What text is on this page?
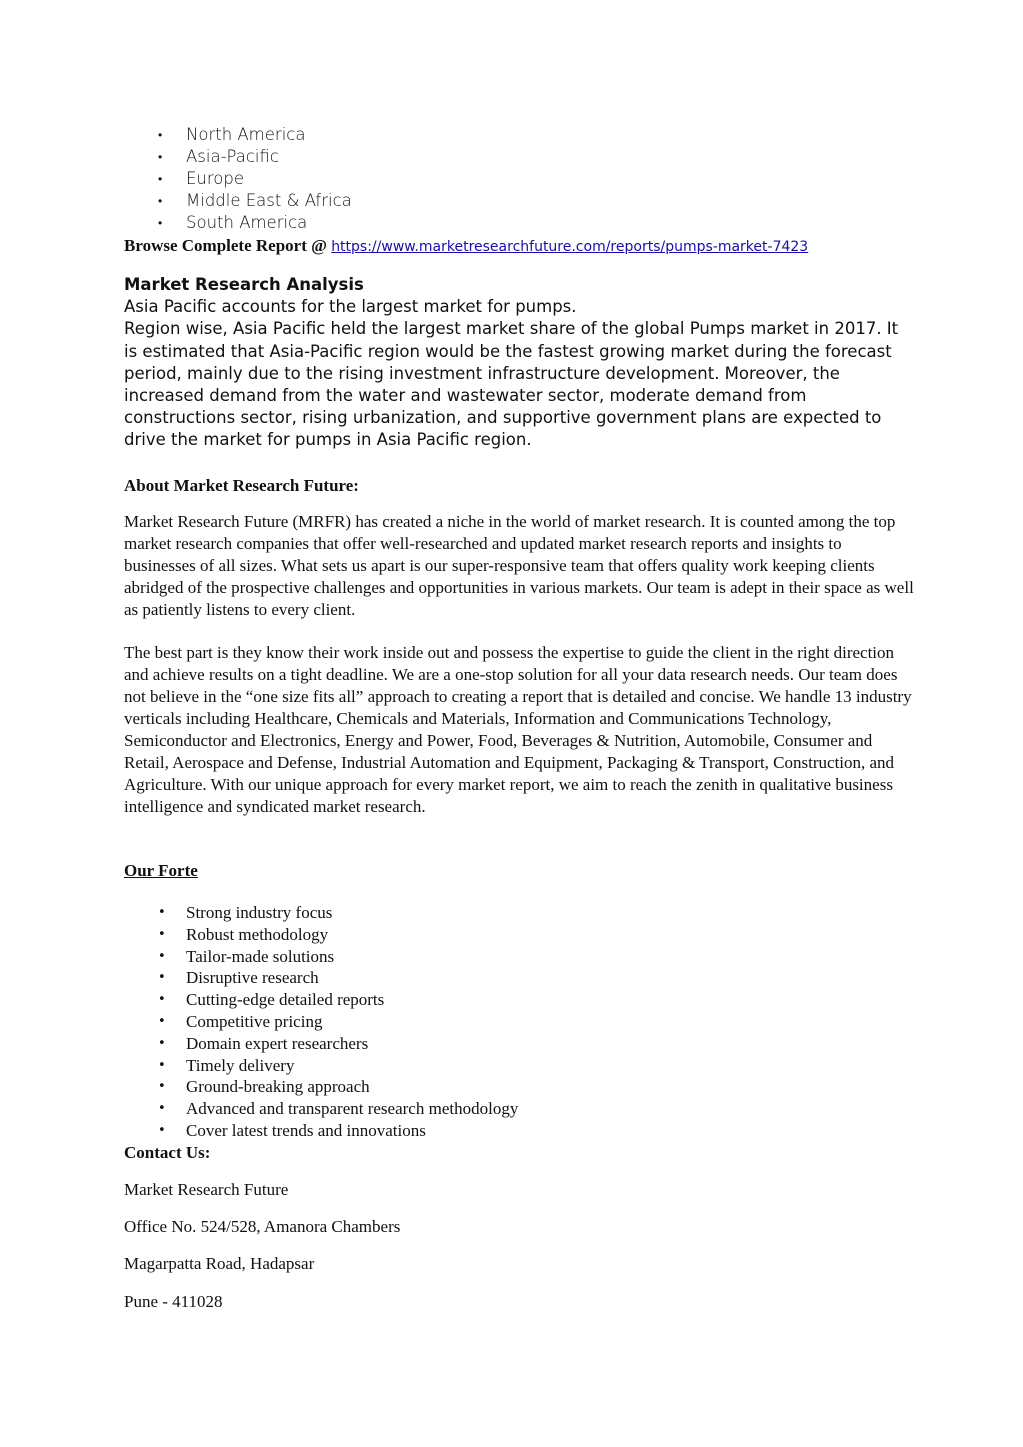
• North America
• Asia-Pacific
• Europe
• Middle East & Africa
• South America
Browse Complete Report @ https://www.marketresearchfuture.com/reports/pumps-market-7423
Market Research Analysis

Asia Pacific accounts for the largest market for pumps.

Region wise, Asia Pacific held the largest market share of the global Pumps market in 2017. It is estimated that Asia-Pacific region would be the fastest growing market during the forecast period, mainly due to the rising investment infrastructure development. Moreover, the increased demand from the water and wastewater sector, moderate demand from constructions sector, rising urbanization, and supportive government plans are expected to drive the market for pumps in Asia Pacific region.

About Market Research Future:

Market Research Future (MRFR) has created a niche in the world of market research. It is counted among the top market research companies that offer well-researched and updated market research reports and insights to businesses of all sizes. What sets us apart is our super-responsive team that offers quality work keeping clients abridged of the prospective challenges and opportunities in various markets. Our team is adept in their space as well as patiently listens to every client.

The best part is they know their work inside out and possess the expertise to guide the client in the right direction and achieve results on a tight deadline. We are a one-stop solution for all your data research needs. Our team does not believe in the “one size fits all” approach to creating a report that is detailed and concise. We handle 13 industry verticals including Healthcare, Chemicals and Materials, Information and Communications Technology, Semiconductor and Electronics, Energy and Power, Food, Beverages & Nutrition, Automobile, Consumer and Retail, Aerospace and Defense, Industrial Automation and Equipment, Packaging & Transport, Construction, and Agriculture. With our unique approach for every market report, we aim to reach the zenith in qualitative business intelligence and syndicated market research.

Our Forte
• Strong industry focus
• Robust methodology
• Tailor-made solutions
• Disruptive research
• Cutting-edge detailed reports
• Competitive pricing
• Domain expert researchers
• Timely delivery
• Ground-breaking approach
• Advanced and transparent research methodology
• Cover latest trends and innovations
Contact Us:
Market Research Future
Office No. 524/528, Amanora Chambers
Magarpatta Road, Hadapsar
Pune - 411028
